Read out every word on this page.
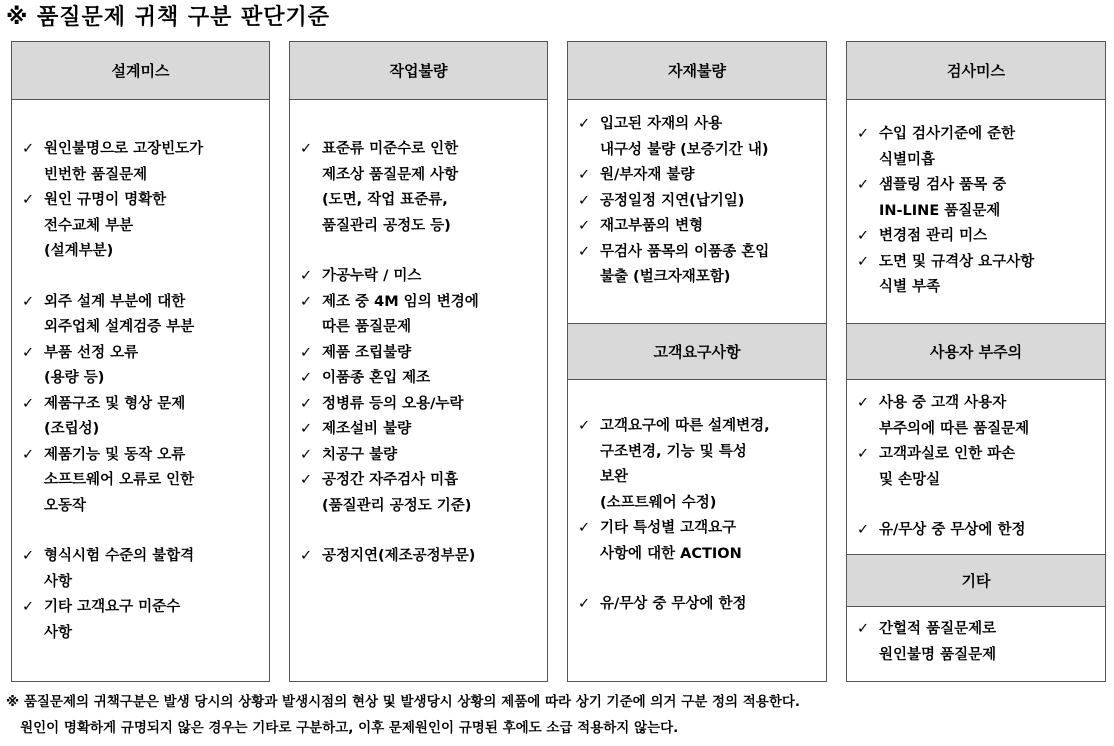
※ 품질문제 귀책 구분 판단기준
설계미스
✓ 원인불명으로 고장빈도가
빈번한 품질문제
✓ 원인 규명이 명확한
전수교체 부분
(설계부분)
✓ 외주 설계 부분에 대한
외주업체 설계검증 부분
✓ 부품 선정 오류
(용량 등)
✓ 제품구조 및 형상 문제
(조립성)
✓ 제품기능 및 동작 오류
소프트웨어 오류로 인한
오동작
✓ 형식시험 수준의 불합격
사항
✓ 기타 고객요구 미준수
사항
작업불량
✓ 표준류 미준수로 인한
제조상 품질문제 사항
(도면, 작업 표준류,
품질관리 공정도 등)
✓ 가공누락 / 미스
✓ 제조 중 4M 임의 변경에
따른 품질문제
✓ 제품 조립불량
✓ 이품종 혼입 제조
✓ 정병류 등의 오용/누락
✓ 제조설비 불량
✓ 치공구 불량
✓ 공정간 자주검사 미흡
(품질관리 공정도 기준)
✓ 공정지연(제조공정부문)
자재불량
✓ 입고된 자재의 사용
내구성 불량 (보증기간 내)
✓ 원/부자재 불량
✓ 공정일정 지연(납기일)
✓ 재고부품의 변형
✓ 무검사 품목의 이품종 혼입
불출 (벌크자재포함)
고객요구사항
✓ 고객요구에 따른 설계변경,
구조변경, 기능 및 특성
보완
(소프트웨어 수정)
✓ 기타 특성별 고객요구
사항에 대한 ACTION
✓ 유/무상 중 무상에 한정
검사미스
✓ 수입 검사기준에 준한
식별미흡
✓ 샘플링 검사 품목 중
IN-LINE 품질문제
✓ 변경점 관리 미스
✓ 도면 및 규격상 요구사항
식별 부족
사용자 부주의
✓ 사용 중 고객 사용자
부주의에 따른 품질문제
✓ 고객과실로 인한 파손
및 손망실
✓ 유/무상 중 무상에 한정
기타
✓ 간헐적 품질문제로
원인불명 품질문제
※ 품질문제의 귀책구분은 발생 당시의 상황과 발생시점의 현상 및 발생당시 상황의 제품에 따라 상기 기준에 의거 구분 정의 적용한다.
원인이 명확하게 규명되지 않은 경우는 기타로 구분하고, 이후 문제원인이 규명된 후에도 소급 적용하지 않는다.
